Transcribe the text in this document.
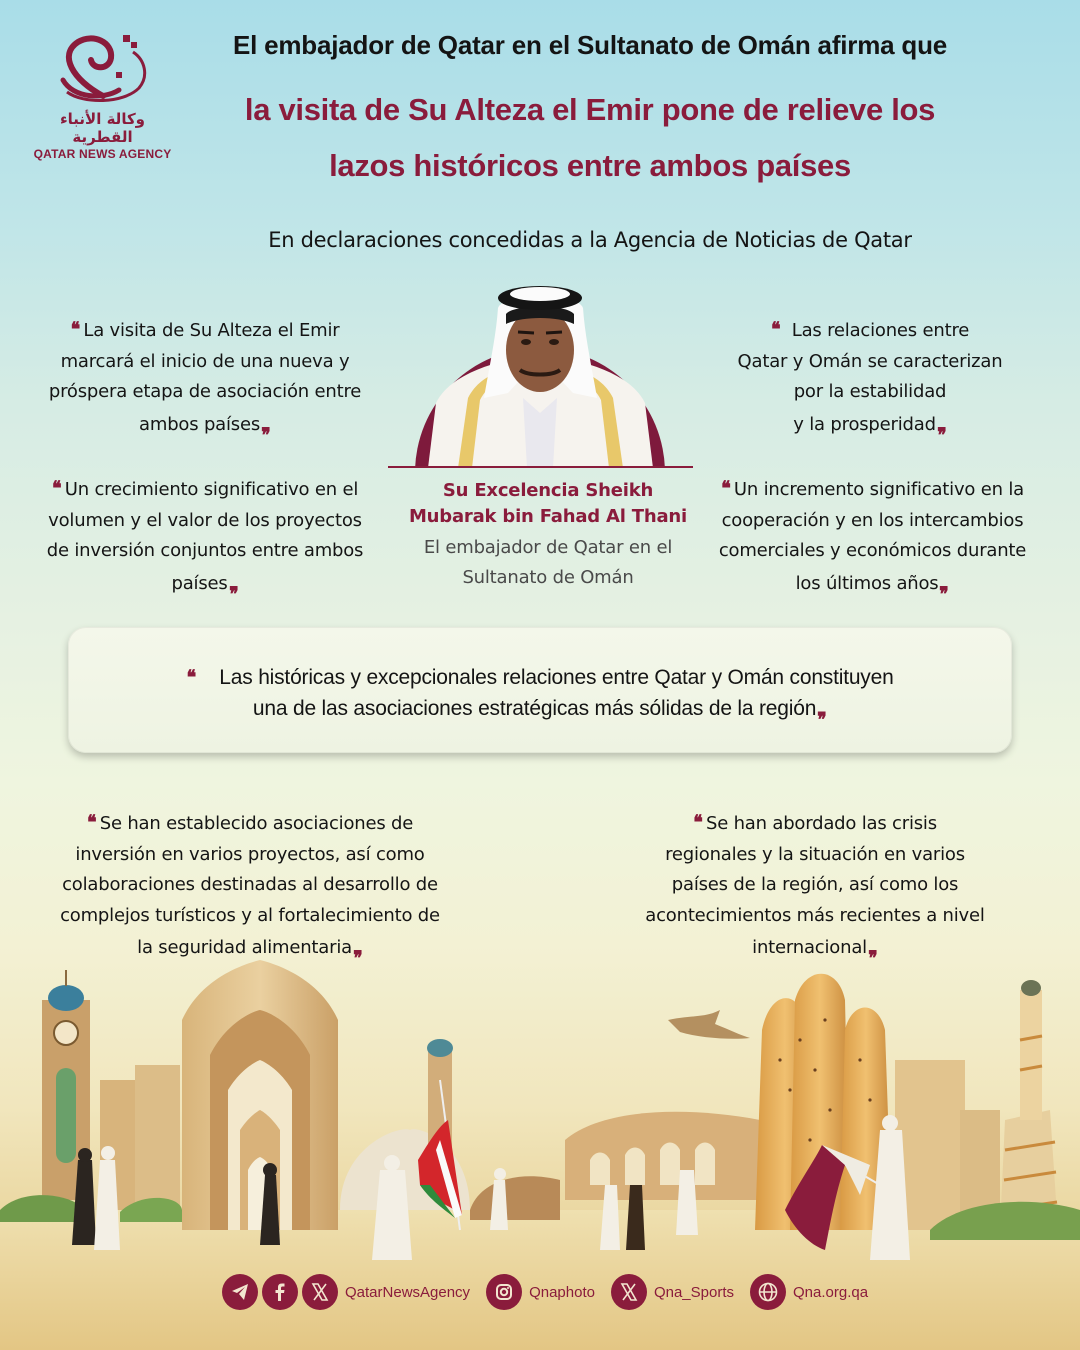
وكالة الأنباء القطرية
QATAR NEWS AGENCY
El embajador de Qatar en el Sultanato de Omán afirma que
la visita de Su Alteza el Emir pone de relieve los
lazos históricos entre ambos países
En declaraciones concedidas a la Agencia de Noticias de Qatar
❛❛ La visita de Su Alteza el Emir
marcará el inicio de una nueva y
próspera etapa de asociación entre
ambos países ❛❛
❛❛ Las relaciones entre
Qatar y Omán se caracterizan
por la estabilidad
y la prosperidad ❛❛
Su Excelencia Sheikh
Mubarak bin Fahad Al Thani
El embajador de Qatar en el
Sultanato de Omán
❛❛ Un crecimiento significativo en el
volumen y el valor de los proyectos
de inversión conjuntos entre ambos
países ❛❛
❛❛ Un incremento significativo en la
cooperación y en los intercambios
comerciales y económicos durante
los últimos años ❛❛
❛❛ Las históricas y excepcionales relaciones entre Qatar y Omán constituyen
una de las asociaciones estratégicas más sólidas de la región ❛❛
❛❛ Se han establecido asociaciones de
inversión en varios proyectos, así como
colaboraciones destinadas al desarrollo de
complejos turísticos y al fortalecimiento de
la seguridad alimentaria ❛❛
❛❛ Se han abordado las crisis
regionales y la situación en varios
países de la región, así como los
acontecimientos más recientes a nivel
internacional ❛❛
QatarNewsAgency	Qnaphoto	Qna_Sports	Qna.org.qa
